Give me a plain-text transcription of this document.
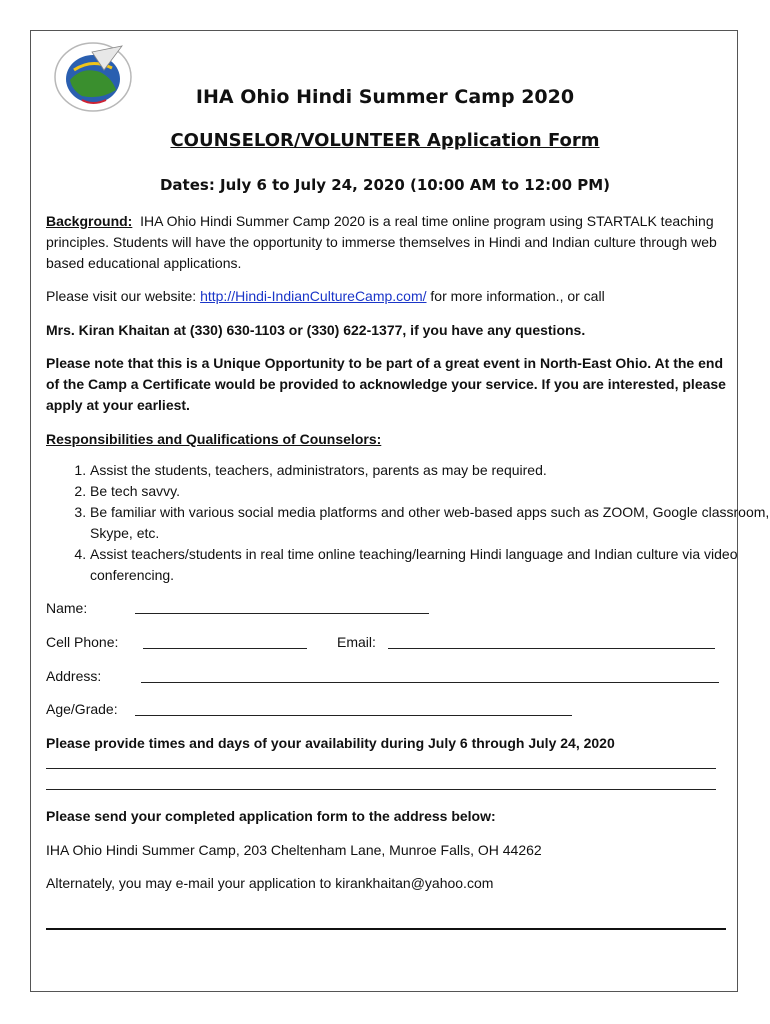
IHA Ohio Hindi Summer Camp 2020
COUNSELOR/VOLUNTEER Application Form
Dates: July 6 to July 24, 2020 (10:00 AM to 12:00 PM)
Background: IHA Ohio Hindi Summer Camp 2020 is a real time online program using STARTALK teaching principles. Students will have the opportunity to immerse themselves in Hindi and Indian culture through web based educational applications.
Please visit our website: http://Hindi-IndianCultureCamp.com/ for more information., or call
Mrs. Kiran Khaitan at (330) 630-1103 or (330) 622-1377, if you have any questions.
Please note that this is a Unique Opportunity to be part of a great event in North-East Ohio. At the end of the Camp a Certificate would be provided to acknowledge your service. If you are interested, please apply at your earliest.
Responsibilities and Qualifications of Counselors:
1. Assist the students, teachers, administrators, parents as may be required.
2. Be tech savvy.
3. Be familiar with various social media platforms and other web-based apps such as ZOOM, Google classroom, Skype, etc.
4. Assist teachers/students in real time online teaching/learning Hindi language and Indian culture via video conferencing.
Name:
Cell Phone:	Email:
Address:
Age/Grade:
Please provide times and days of your availability during July 6 through July 24, 2020
Please send your completed application form to the address below:
IHA Ohio Hindi Summer Camp, 203 Cheltenham Lane, Munroe Falls, OH 44262
Alternately, you may e-mail your application to kirankhaitan@yahoo.com
